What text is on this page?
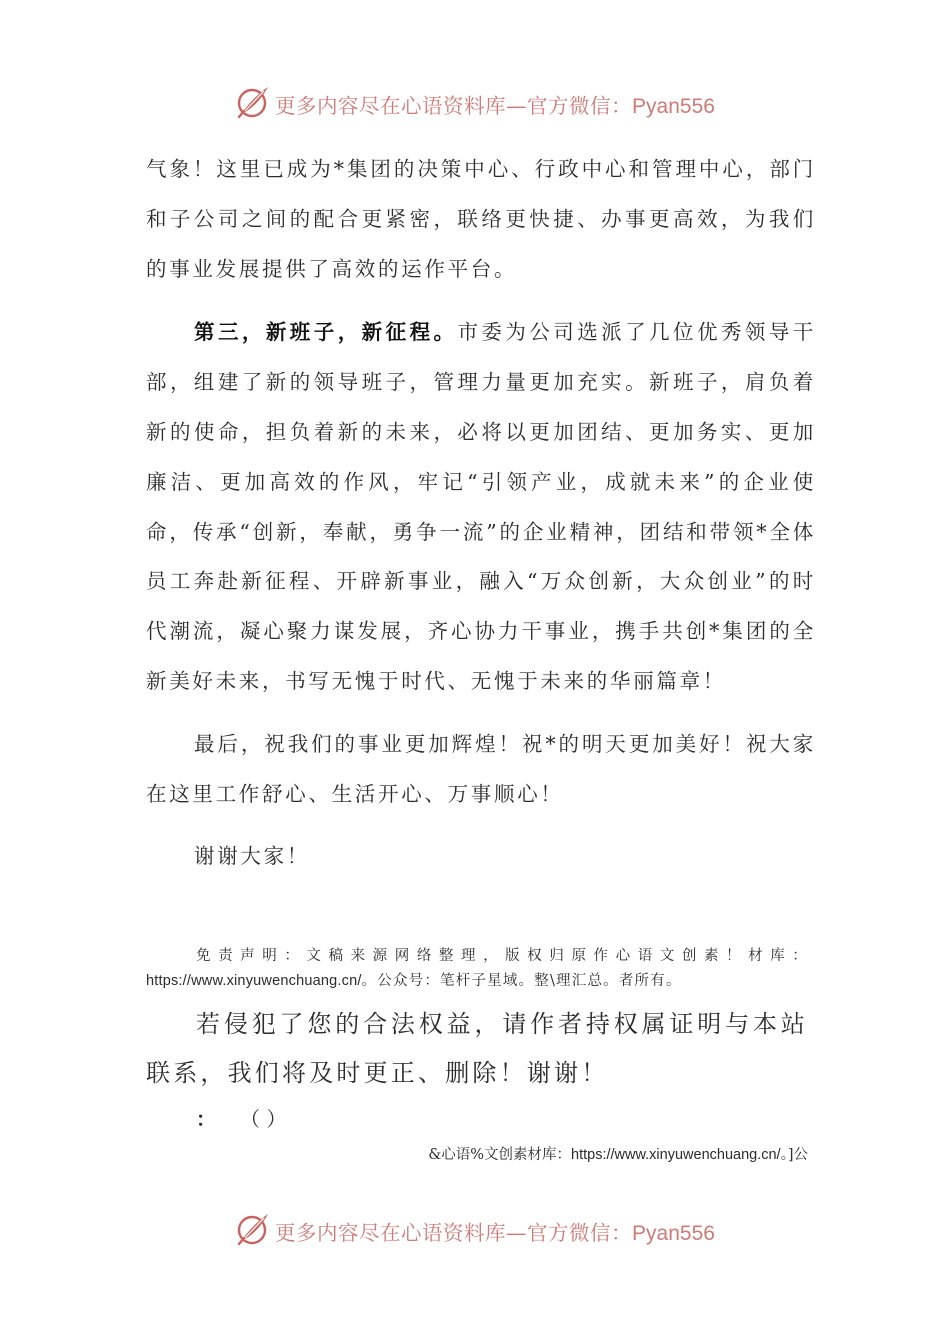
更多内容尽在心语资料库—官方微信：Pyan556

气象！这里已成为*集团的决策中心、行政中心和管理中心，部门和子公司之间的配合更紧密，联络更快捷、办事更高效，为我们的事业发展提供了高效的运作平台。

第三，新班子，新征程。市委为公司选派了几位优秀领导干部，组建了新的领导班子，管理力量更加充实。新班子，肩负着新的使命，担负着新的未来，必将以更加团结、更加务实、更加廉洁、更加高效的作风，牢记“引领产业，成就未来”的企业使命，传承“创新，奉献，勇争一流”的企业精神，团结和带领*全体员工奔赴新征程、开辟新事业，融入“万众创新，大众创业”的时代潮流，凝心聚力谋发展，齐心协力干事业，携手共创*集团的全新美好未来，书写无愧于时代、无愧于未来的华丽篇章！

最后，祝我们的事业更加辉煌！祝*的明天更加美好！祝大家在这里工作舒心、生活开心、万事顺心！

谢谢大家！

免责声明：文稿来源网络整理，版权归原作心语文创素！材库：https://www.xinyuwenchuang.cn/。公众号：笔杆子星域。整\理汇总。者所有。

若侵犯了您的合法权益，请作者持权属证明与本站联系，我们将及时更正、删除！谢谢！

： （ ）
&心语%文创素材库：https://www.xinyuwenchuang.cn/。]公
更多内容尽在心语资料库—官方微信：Pyan556
